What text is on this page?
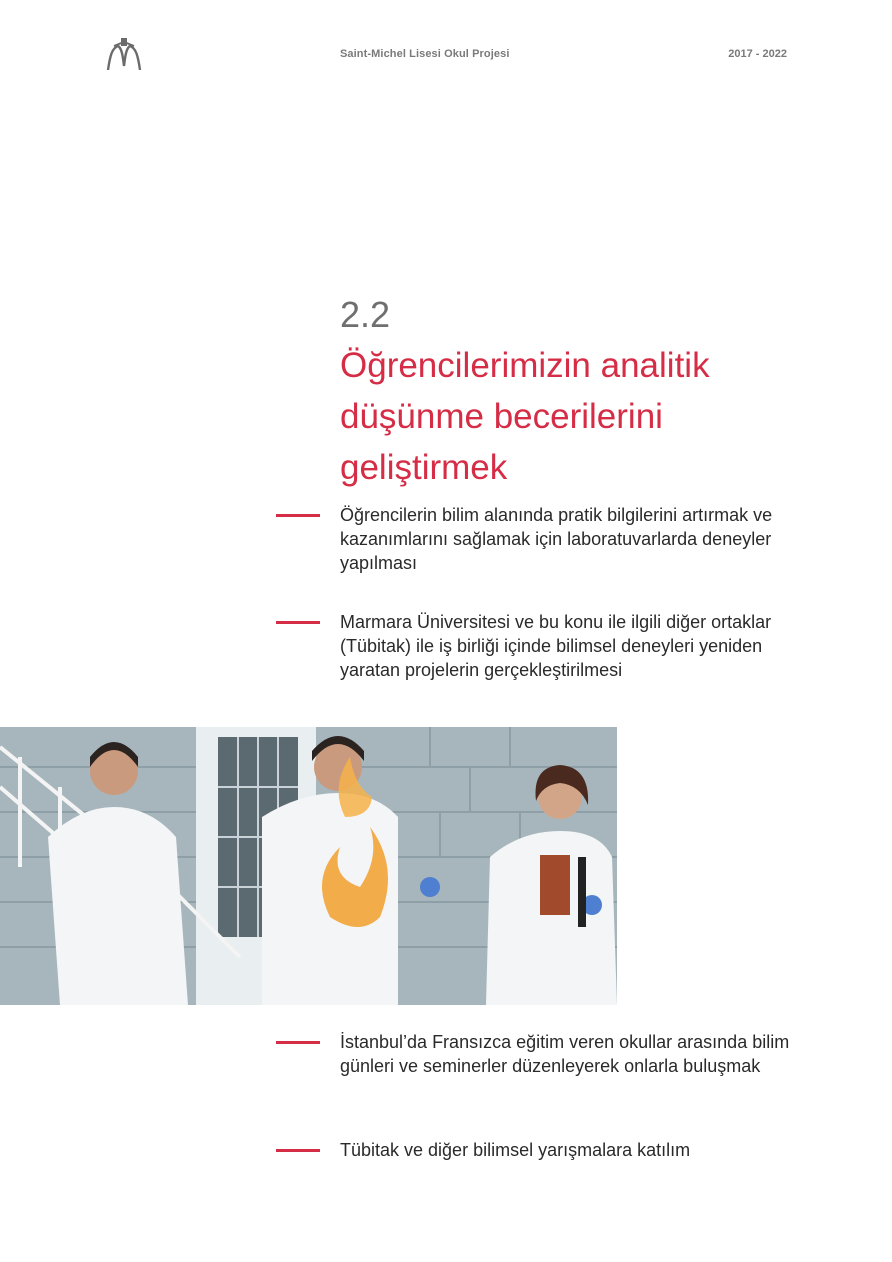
Saint-Michel Lisesi Okul Projesi	2017 - 2022
2.2
Öğrencilerimizin analitik düşünme becerilerini geliştirmek
Öğrencilerin bilim alanında pratik bilgilerini artırmak ve kazanımlarını sağlamak için laboratuvarlarda deneyler yapılması
Marmara Üniversitesi ve bu konu ile ilgili diğer ortaklar (Tübitak) ile iş birliği içinde bilimsel deneyleri yeniden yaratan projelerin gerçekleştirilmesi
İstanbul’da Fransızca eğitim veren okullar arasında bilim günleri ve seminerler düzenleyerek onlarla buluşmak
Tübitak ve diğer bilimsel yarışmalara katılım
